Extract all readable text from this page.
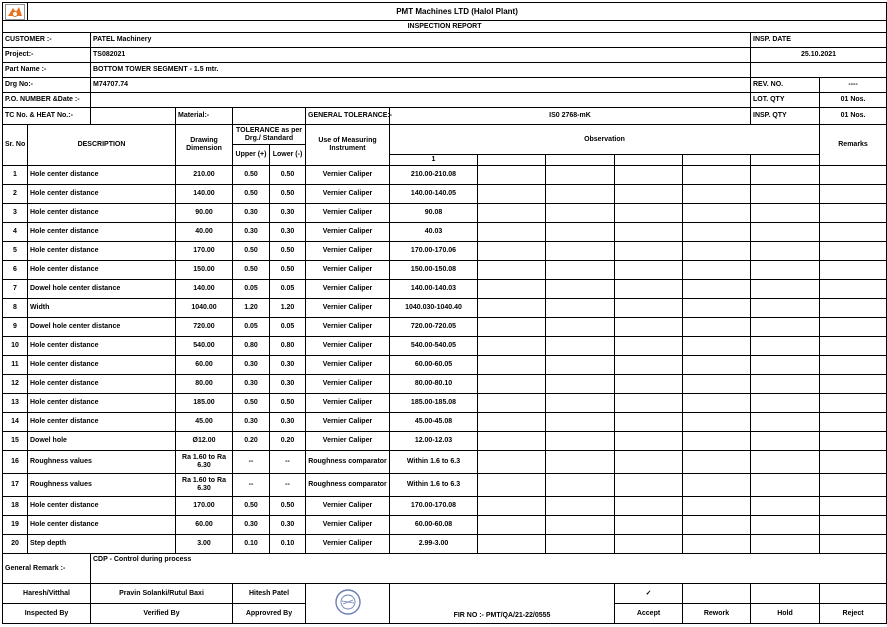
	PMT Machines LTD (Halol Plant)												
INSPECTION REPORT													
CUSTOMER :-		PATEL Machinery										INSP. DATE	
Project:-		TS082021										25.10.2021	
Part Name :-		BOTTOM TOWER SEGMENT - 1.5 mtr.											
Drg No:-		M74707.74										REV. NO.	----
P.O. NUMBER &Date :-												LOT. QTY	01 Nos.
TC No. & HEAT No.:-			Material:-			GENERAL TOLERANCE:-	IS0 2768-mK					INSP. QTY	01 Nos.
Sr. No	DESCRIPTION		Drawing Dimension	TOLERANCE as per Drg./ Standard		Use of Measuring Instrument	Observation						Remarks
				Upper (+)	Lower (-)								
							1						
1	Hole center distance		210.00	0.50	0.50	Vernier Caliper	210.00-210.08						
2	Hole center distance		140.00	0.50	0.50	Vernier Caliper	140.00-140.05						
3	Hole center distance		90.00	0.30	0.30	Vernier Caliper	90.08						
4	Hole center distance		40.00	0.30	0.30	Vernier Caliper	40.03						
5	Hole center distance		170.00	0.50	0.50	Vernier Caliper	170.00-170.06						
6	Hole center distance		150.00	0.50	0.50	Vernier Caliper	150.00-150.08						
7	Dowel hole center distance		140.00	0.05	0.05	Vernier Caliper	140.00-140.03						
8	Width		1040.00	1.20	1.20	Vernier Caliper	1040.030-1040.40						
9	Dowel hole center distance		720.00	0.05	0.05	Vernier Caliper	720.00-720.05						
10	Hole center distance		540.00	0.80	0.80	Vernier Caliper	540.00-540.05						
11	Hole center distance		60.00	0.30	0.30	Vernier Caliper	60.00-60.05						
12	Hole center distance		80.00	0.30	0.30	Vernier Caliper	80.00-80.10						
13	Hole center distance		185.00	0.50	0.50	Vernier Caliper	185.00-185.08						
14	Hole center distance		45.00	0.30	0.30	Vernier Caliper	45.00-45.08						
15	Dowel hole		Ø12.00	0.20	0.20	Vernier Caliper	12.00-12.03						
16	Roughness values		Ra 1.60 to Ra 6.30	--	--	Roughness comparator	Within 1.6 to 6.3						
17	Roughness values		Ra 1.60 to Ra 6.30	--	--	Roughness comparator	Within 1.6 to 6.3						
18	Hole center distance		170.00	0.50	0.50	Vernier Caliper	170.00-170.08						
19	Hole center distance		60.00	0.30	0.30	Vernier Caliper	60.00-60.08						
20	Step depth		3.00	0.10	0.10	Vernier Caliper	2.99-3.00						
General Remark :-		CDP - Control during process											
Haresh/Vitthal		Pravin Solanki/Rutul Baxi		Hitesh Patel			FIR NO :- PMT/QA/21-22/0555			✓			
Inspected By		Verified By		Approvred By						Accept	Rework	Hold	Reject
